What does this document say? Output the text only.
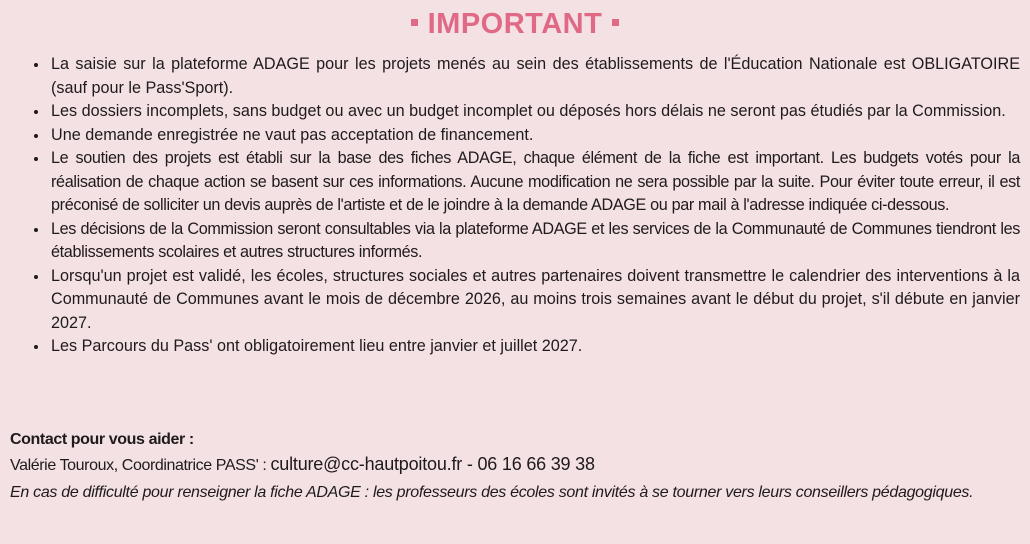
IMPORTANT
La saisie sur la plateforme ADAGE pour les projets menés au sein des établissements de l'Éducation Nationale est OBLIGATOIRE (sauf pour le Pass'Sport).
Les dossiers incomplets, sans budget ou avec un budget incomplet ou déposés hors délais ne seront pas étudiés par la Commission.
Une demande enregistrée ne vaut pas acceptation de financement.
Le soutien des projets est établi sur la base des fiches ADAGE, chaque élément de la fiche est important. Les budgets votés pour la réalisation de chaque action se basent sur ces informations. Aucune modification ne sera possible par la suite. Pour éviter toute erreur, il est préconisé de solliciter un devis auprès de l'artiste et de le joindre à la demande ADAGE ou par mail à l'adresse indiquée ci-dessous.
Les décisions de la Commission seront consultables via la plateforme ADAGE et les services de la Communauté de Communes tiendront les établissements scolaires et autres structures informés.
Lorsqu'un projet est validé, les écoles, structures sociales et autres partenaires doivent transmettre le calendrier des interventions à la Communauté de Communes avant le mois de décembre 2026, au moins trois semaines avant le début du projet, s'il débute en janvier 2027.
Les Parcours du Pass' ont obligatoirement lieu entre janvier et juillet 2027.
Contact pour vous aider :
Valérie Touroux, Coordinatrice PASS' : culture@cc-hautpoitou.fr - 06 16 66 39 38
En cas de difficulté pour renseigner la fiche ADAGE : les professeurs des écoles sont invités à se tourner vers leurs conseillers pédagogiques.
